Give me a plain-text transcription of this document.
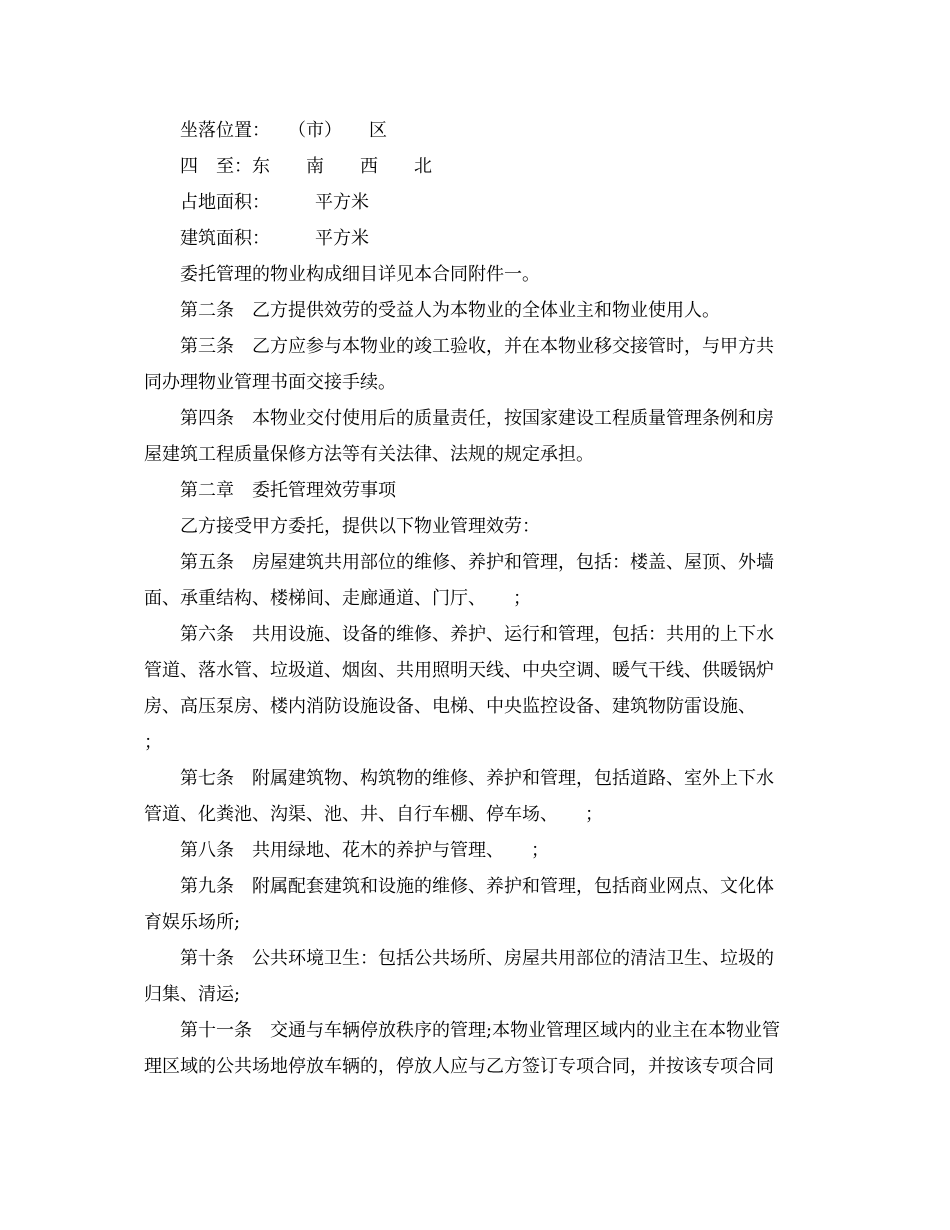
坐落位置：　　（市）　　区

四　至：东　　南　　西　　北

占地面积：　　　平方米

建筑面积：　　　平方米

委托管理的物业构成细目详见本合同附件一。

第二条　乙方提供效劳的受益人为本物业的全体业主和物业使用人。

第三条　乙方应参与本物业的竣工验收，并在本物业移交接管时，与甲方共

同办理物业管理书面交接手续。

第四条　本物业交付使用后的质量责任，按国家建设工程质量管理条例和房

屋建筑工程质量保修方法等有关法律、法规的规定承担。

第二章　委托管理效劳事项

乙方接受甲方委托，提供以下物业管理效劳：

第五条　房屋建筑共用部位的维修、养护和管理，包括：楼盖、屋顶、外墙

面、承重结构、楼梯间、走廊通道、门厅、　　；

第六条　共用设施、设备的维修、养护、运行和管理，包括：共用的上下水

管道、落水管、垃圾道、烟囱、共用照明天线、中央空调、暖气干线、供暖锅炉

房、高压泵房、楼内消防设施设备、电梯、中央监控设备、建筑物防雷设施、

；

第七条　附属建筑物、构筑物的维修、养护和管理，包括道路、室外上下水

管道、化粪池、沟渠、池、井、自行车棚、停车场、　　；

第八条　共用绿地、花木的养护与管理、　　；

第九条　附属配套建筑和设施的维修、养护和管理，包括商业网点、文化体

育娱乐场所;

第十条　公共环境卫生：包括公共场所、房屋共用部位的清洁卫生、垃圾的

归集、清运;

第十一条　交通与车辆停放秩序的管理;本物业管理区域内的业主在本物业管

理区域的公共场地停放车辆的，停放人应与乙方签订专项合同，并按该专项合同
